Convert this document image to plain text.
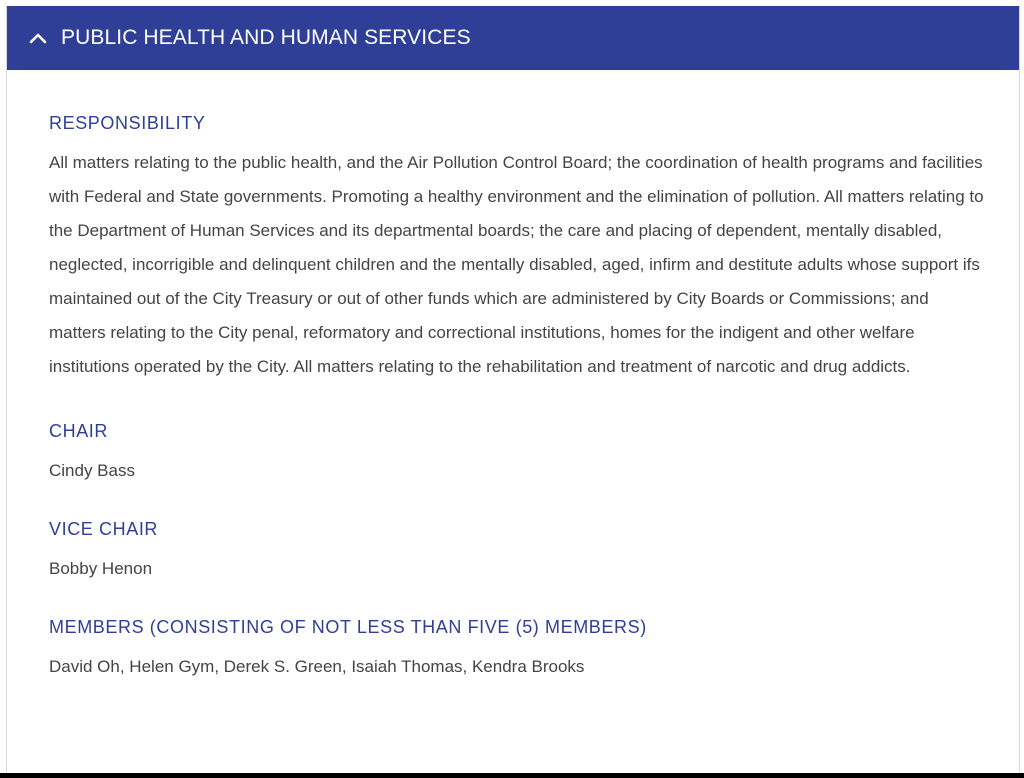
PUBLIC HEALTH AND HUMAN SERVICES
RESPONSIBILITY
All matters relating to the public health, and the Air Pollution Control Board; the coordination of health programs and facilities with Federal and State governments. Promoting a healthy environment and the elimination of pollution. All matters relating to the Department of Human Services and its departmental boards; the care and placing of dependent, mentally disabled, neglected, incorrigible and delinquent children and the mentally disabled, aged, infirm and destitute adults whose support ifs maintained out of the City Treasury or out of other funds which are administered by City Boards or Commissions; and matters relating to the City penal, reformatory and correctional institutions, homes for the indigent and other welfare institutions operated by the City. All matters relating to the rehabilitation and treatment of narcotic and drug addicts.
CHAIR
Cindy Bass
VICE CHAIR
Bobby Henon
MEMBERS (CONSISTING OF NOT LESS THAN FIVE (5) MEMBERS)
David Oh, Helen Gym, Derek S. Green, Isaiah Thomas, Kendra Brooks
